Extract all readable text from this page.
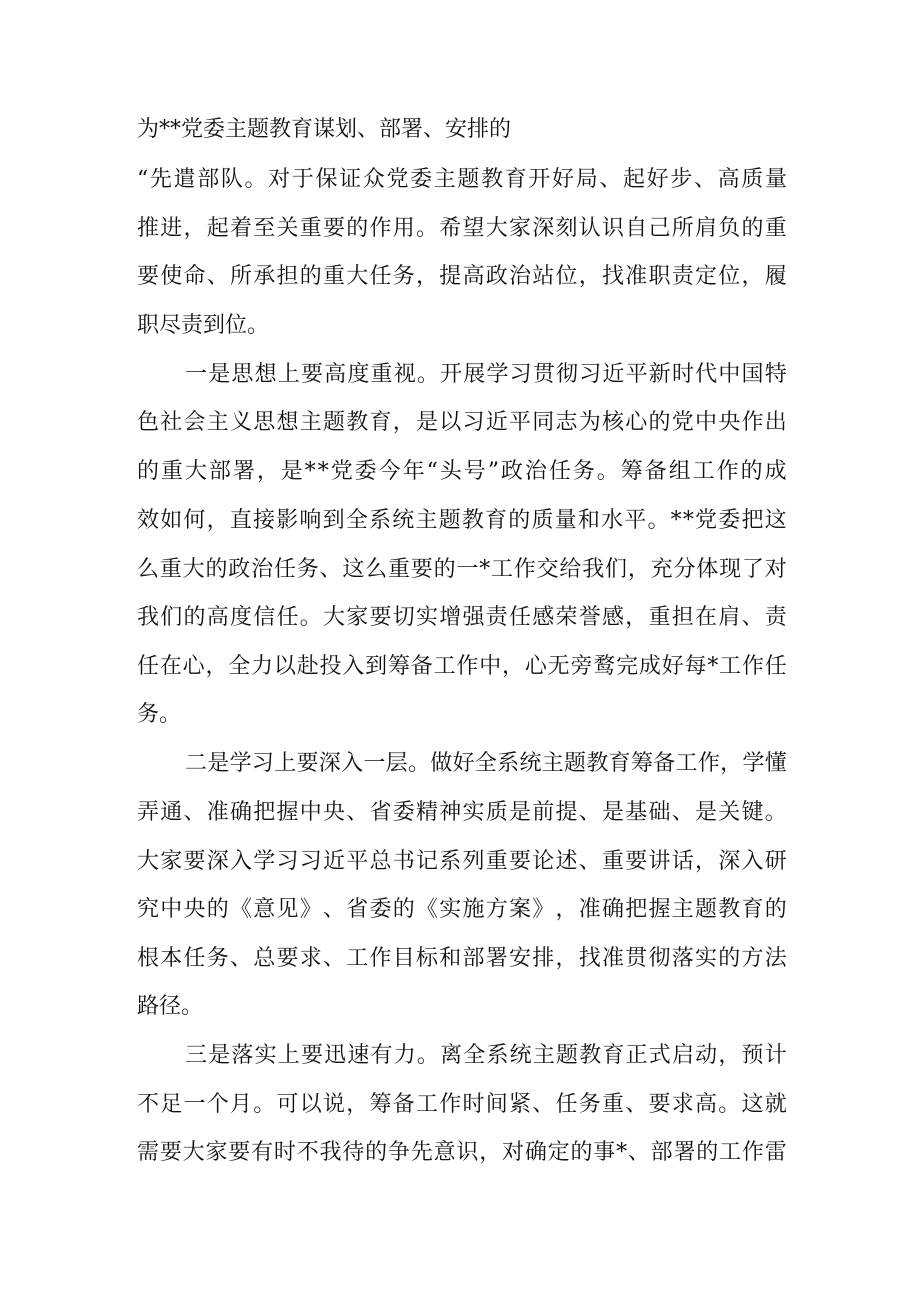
为**党委主题教育谋划、部署、安排的
“ 先 遣 部 队 。 对 于 保 证 众 党 委 主 题 教 育 开 好 局 、 起 好 步 、 高 质 量
推 进 ， 起 着 至 关 重 要 的 作 用 。 希 望 大 家 深 刻 认 识 自 己 所 肩 负 的 重
要 使 命 、 所 承 担 的 重 大 任 务 ， 提 高 政 治 站 位 ， 找 准 职 责 定 位 ， 履
职尽责到位。
一 是 思 想 上 要 高 度 重 视 。 开 展 学 习 贯 彻 习 近 平 新 时 代 中 国 特
色 社 会 主 义 思 想 主 题 教 育 ， 是 以 习 近 平 同 志 为 核 心 的 党 中 央 作 出
的 重 大 部 署 ， 是 * * 党 委 今 年 “ 头 号 ” 政 治 任 务 。 筹 备 组 工 作 的 成
效 如 何 ， 直 接 影 响 到 全 系 统 主 题 教 育 的 质 量 和 水 平 。 * * 党 委 把 这
么 重 大 的 政 治 任 务 、 这 么 重 要 的 一 * 工 作 交 给 我 们 ， 充 分 体 现 了 对
我 们 的 高 度 信 任 。 大 家 要 切 实 增 强 责 任 感 荣 誉 感 ， 重 担 在 肩 、 责
任 在 心 ， 全 力 以 赴 投 入 到 筹 备 工 作 中 ， 心 无 旁 鹜 完 成 好 每 * 工 作 任
务。
二 是 学 习 上 要 深 入 一 层 。 做 好 全 系 统 主 题 教 育 筹 备 工 作 ， 学 懂
弄 通 、 准 确 把 握 中 央 、 省 委 精 神 实 质 是 前 提 、 是 基 础 、 是 关 键 。
大 家 要 深 入 学 习 习 近 平 总 书 记 系 列 重 要 论 述 、 重 要 讲 话 ， 深 入 研
究 中 央 的 《 意 见 》 、 省 委 的 《 实 施 方 案 》 ， 准 确 把 握 主 题 教 育 的
根 本 任 务 、 总 要 求 、 工 作 目 标 和 部 署 安 排 ， 找 准 贯 彻 落 实 的 方 法
路径。
三 是 落 实 上 要 迅 速 有 力 。 离 全 系 统 主 题 教 育 正 式 启 动 ， 预 计
不 足 一 个 月 。 可 以 说 ， 筹 备 工 作 时 间 紧 、 任 务 重 、 要 求 高 。 这 就
需 要 大 家 要 有 时 不 我 待 的 争 先 意 识 ， 对 确 定 的 事 * 、 部 署 的 工 作 雷
